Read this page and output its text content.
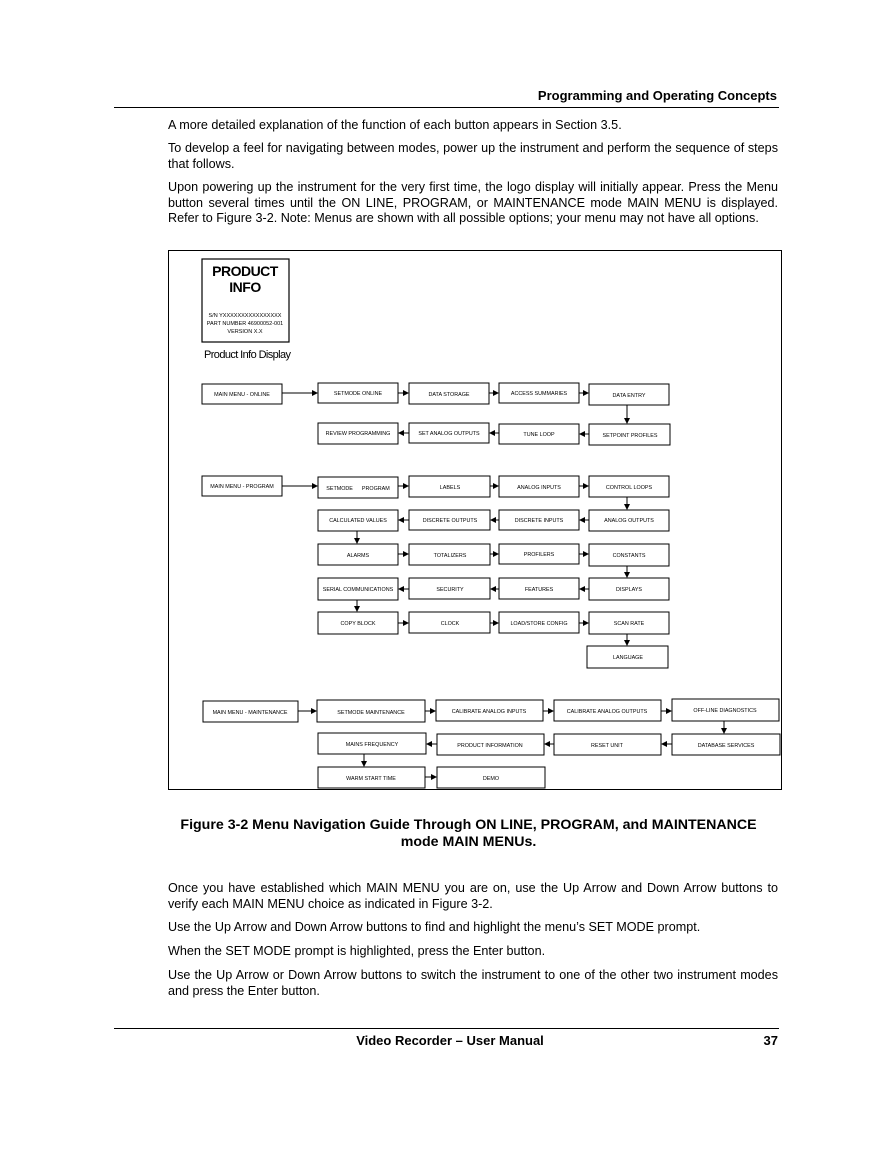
Programming and Operating Concepts

A more detailed explanation of the function of each button appears in Section 3.5.

To develop a feel for navigating between modes, power up the instrument and perform the sequence of steps that follows.

Upon powering up the instrument for the very first time, the logo display will initially appear. Press the Menu button several times until the ON LINE, PROGRAM, or MAINTENANCE mode MAIN MENU is displayed. Refer to Figure 3-2. Note: Menus are shown with all possible options; your menu may not have all options.

PRODUCT
INFO
S/N YXXXXXXXXXXXXXXXX
PART NUMBER 46900052-001
VERSION X.X
Product Info Display
MAIN MENU - ONLINE	SETMODE ONLINE	DATA STORAGE	ACCESS SUMMARIES	DATA ENTRY
SETPOINT PROFILES
TUNE LOOP
SET ANALOG OUTPUTS
REVIEW PROGRAMMING
MAIN MENU - PROGRAM	SETMODE      PROGRAM	LABELS	ANALOG INPUTS	CONTROL LOOPS
ANALOG OUTPUTS
DISCRETE INPUTS
DISCRETE OUTPUTS
CALCULATED VALUES
ALARMS	TOTALIZERS	PROFILERS	CONSTANTS
DISPLAYS
FEATURES
SECURITY
SERIAL COMMUNICATIONS
COPY BLOCK	CLOCK	LOAD/STORE CONFIG	SCAN RATE
LANGUAGE
MAIN MENU - MAINTENANCE	SETMODE MAINTENANCE	CALIBRATE ANALOG INPUTS	CALIBRATE ANALOG OUTPUTS	OFF-LINE DIAGNOSTICS
DATABASE SERVICES
RESET UNIT
PRODUCT INFORMATION
MAINS FREQUENCY
WARM START TIME	DEMO
Figure 3-2 Menu Navigation Guide Through ON LINE, PROGRAM, and MAINTENANCE
mode MAIN MENUs.

Once you have established which MAIN MENU you are on, use the Up Arrow and Down Arrow buttons to verify each MAIN MENU choice as indicated in Figure 3-2.

Use the Up Arrow and Down Arrow buttons to find and highlight the menu’s SET MODE prompt.

When the SET MODE prompt is highlighted, press the Enter button.

Use the Up Arrow or Down Arrow buttons to switch the instrument to one of the other two instrument modes and press the Enter button.

Video Recorder – User Manual	37
